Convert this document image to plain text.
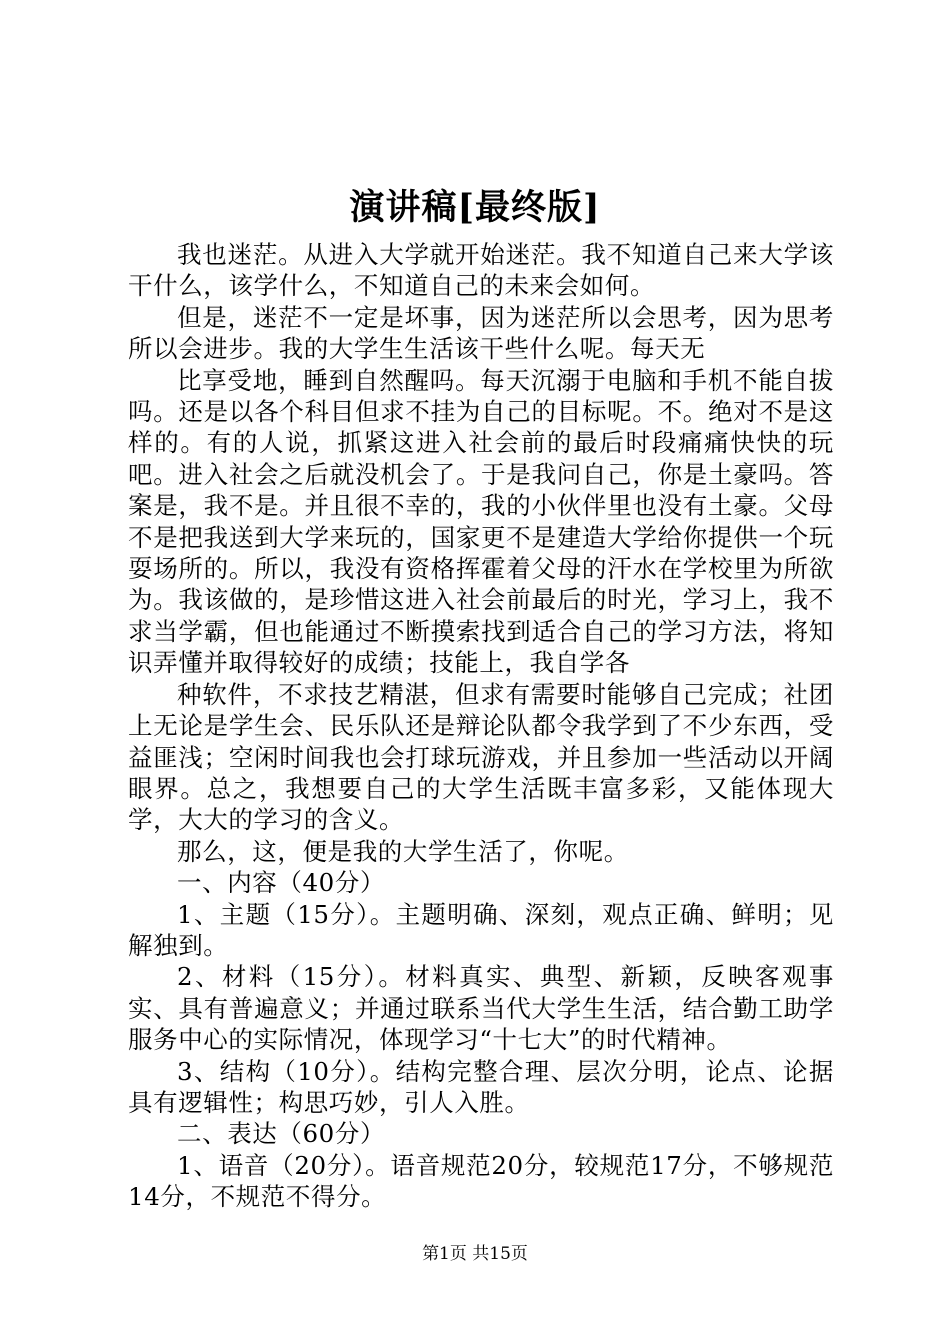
演讲稿[最终版]

我也迷茫。从进入大学就开始迷茫。我不知道自己来大学该干什么，该学什么，不知道自己的未来会如何。

但是，迷茫不一定是坏事，因为迷茫所以会思考，因为思考所以会进步。我的大学生生活该干些什么呢。每天无

比享受地，睡到自然醒吗。每天沉溺于电脑和手机不能自拔吗。还是以各个科目但求不挂为自己的目标呢。不。绝对不是这样的。有的人说，抓紧这进入社会前的最后时段痛痛快快的玩吧。进入社会之后就没机会了。于是我问自己，你是土豪吗。答案是，我不是。并且很不幸的，我的小伙伴里也没有土豪。父母不是把我送到大学来玩的，国家更不是建造大学给你提供一个玩耍场所的。所以，我没有资格挥霍着父母的汗水在学校里为所欲为。我该做的，是珍惜这进入社会前最后的时光，学习上，我不求当学霸，但也能通过不断摸索找到适合自己的学习方法，将知识弄懂并取得较好的成绩；技能上，我自学各

种软件，不求技艺精湛，但求有需要时能够自己完成；社团上无论是学生会、民乐队还是辩论队都令我学到了不少东西，受益匪浅；空闲时间我也会打球玩游戏，并且参加一些活动以开阔眼界。总之，我想要自己的大学生活既丰富多彩，又能体现大学，大大的学习的含义。

那么，这，便是我的大学生活了，你呢。

一、内容（40分）

1、主题（15分）。主题明确、深刻，观点正确、鲜明；见解独到。

2、材料（15分）。材料真实、典型、新颖，反映客观事实、具有普遍意义；并通过联系当代大学生生活，结合勤工助学服务中心的实际情况，体现学习“十七大”的时代精神。

3、结构（10分）。结构完整合理、层次分明，论点、论据具有逻辑性；构思巧妙，引人入胜。

二、表达（60分）

1、语音（20分）。语音规范20分，较规范17分，不够规范14分，不规范不得分。

第1页 共15页
